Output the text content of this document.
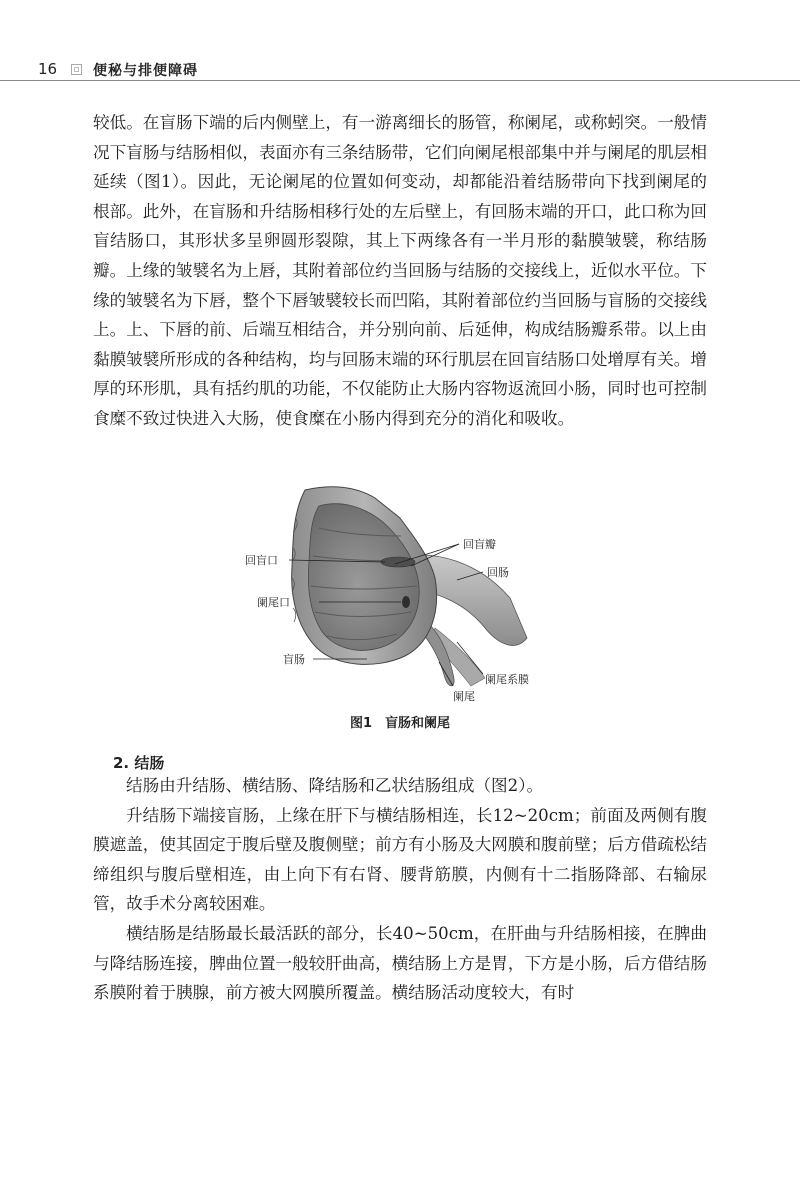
16	便秘与排便障碍

较低。在盲肠下端的后内侧壁上，有一游离细长的肠管，称阑尾，或称蚓突。一般情况下盲肠与结肠相似，表面亦有三条结肠带，它们向阑尾根部集中并与阑尾的肌层相延续（图1）。因此，无论阑尾的位置如何变动，却都能沿着结肠带向下找到阑尾的根部。此外，在盲肠和升结肠相移行处的左后壁上，有回肠末端的开口，此口称为回盲结肠口，其形状多呈卵圆形裂隙，其上下两缘各有一半月形的黏膜皱襞，称结肠瓣。上缘的皱襞名为上唇，其附着部位约当回肠与结肠的交接线上，近似水平位。下缘的皱襞名为下唇，整个下唇皱襞较长而凹陷，其附着部位约当回肠与盲肠的交接线上。上、下唇的前、后端互相结合，并分别向前、后延伸，构成结肠瓣系带。以上由黏膜皱襞所形成的各种结构，均与回肠末端的环行肌层在回盲结肠口处增厚有关。增厚的环形肌，具有括约肌的功能，不仅能防止大肠内容物返流回小肠，同时也可控制食糜不致过快进入大肠，使食糜在小肠内得到充分的消化和吸收。

回盲口
回盲瓣
回肠
阑尾口
盲肠
阑尾系膜
阑尾
图1　盲肠和阑尾
2. 结肠

结肠由升结肠、横结肠、降结肠和乙状结肠组成（图2）。

升结肠下端接盲肠，上缘在肝下与横结肠相连，长12~20cm；前面及两侧有腹膜遮盖，使其固定于腹后壁及腹侧壁；前方有小肠及大网膜和腹前壁；后方借疏松结缔组织与腹后壁相连，由上向下有右肾、腰背筋膜，内侧有十二指肠降部、右输尿管，故手术分离较困难。

横结肠是结肠最长最活跃的部分，长40~50cm，在肝曲与升结肠相接，在脾曲与降结肠连接，脾曲位置一般较肝曲高，横结肠上方是胃，下方是小肠，后方借结肠系膜附着于胰腺，前方被大网膜所覆盖。横结肠活动度较大，有时
